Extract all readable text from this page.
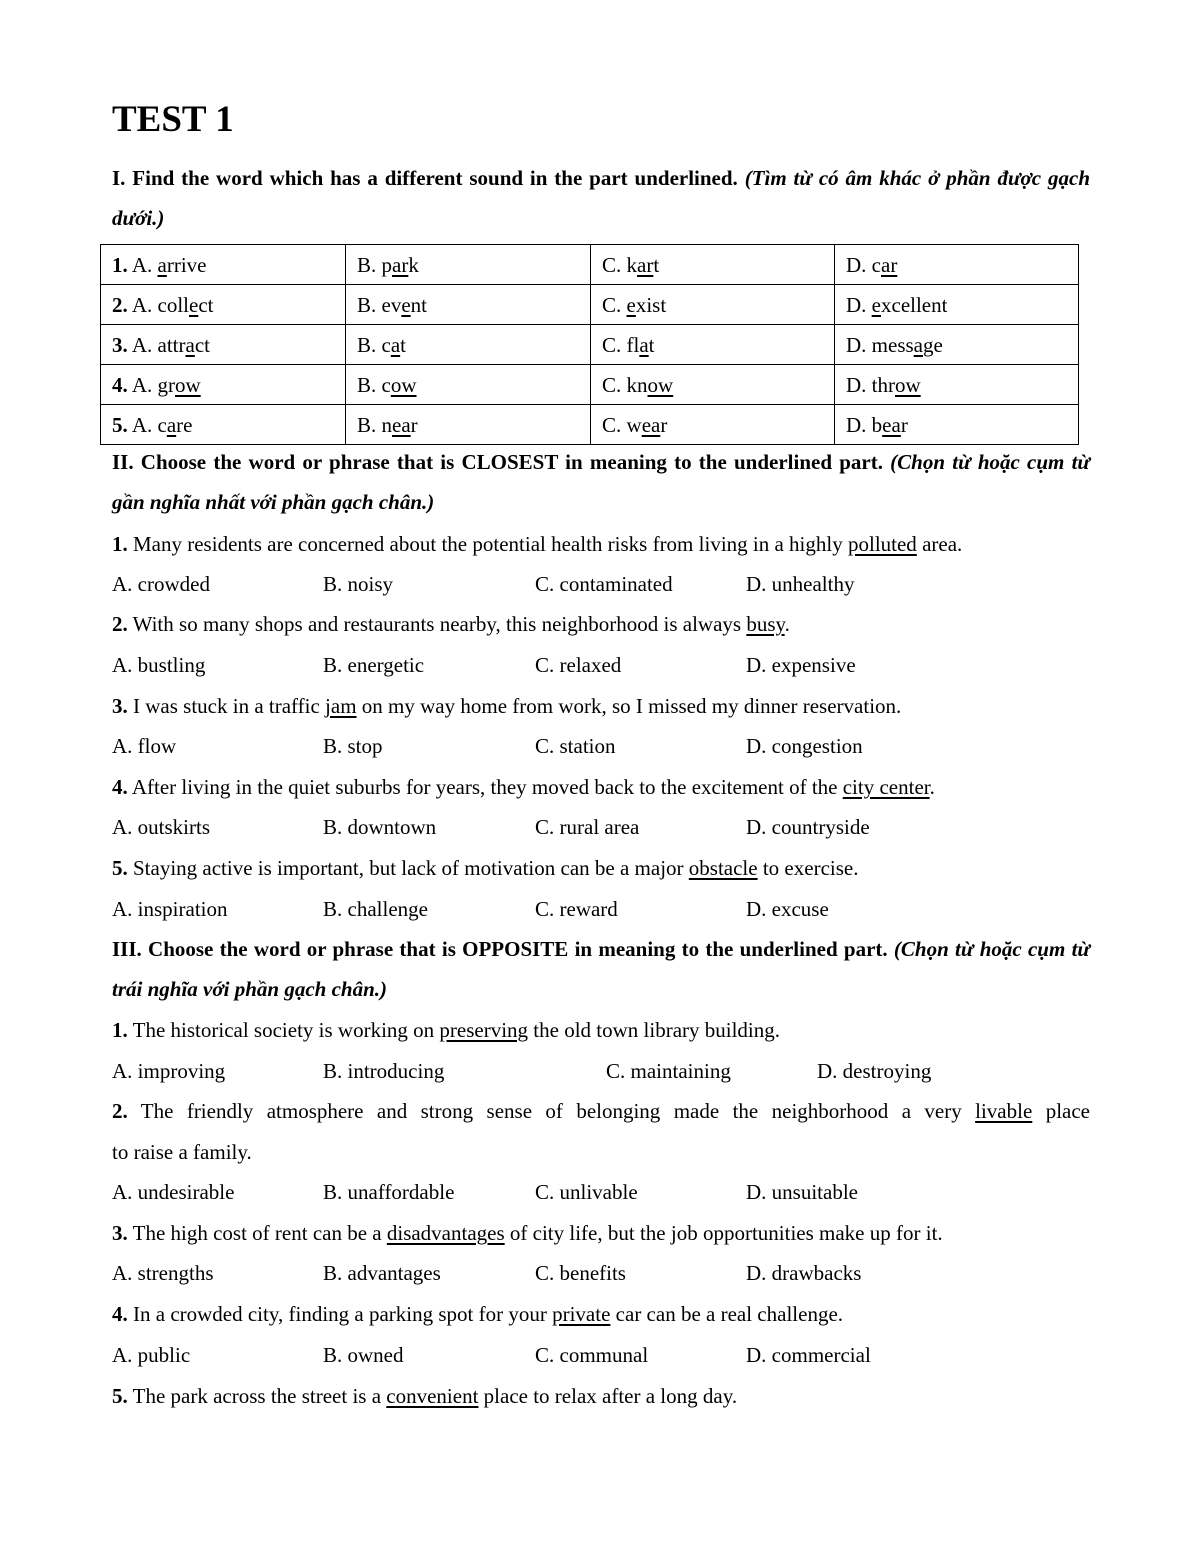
TEST 1
I. Find the word which has a different sound in the part underlined. (Tìm từ có âm khác ở phần được gạch dưới.)
1. A. arrive	B. park	C. kart	D. car
2. A. collect	B. event	C. exist	D. excellent
3. A. attract	B. cat	C. flat	D. message
4. A. grow	B. cow	C. know	D. throw
5. A. care	B. near	C. wear	D. bear
II. Choose the word or phrase that is CLOSEST in meaning to the underlined part. (Chọn từ hoặc cụm từ gần nghĩa nhất với phần gạch chân.)
1. Many residents are concerned about the potential health risks from living in a highly polluted area.
A. crowded	B. noisy	C. contaminated	D. unhealthy
2. With so many shops and restaurants nearby, this neighborhood is always busy.
A. bustling	B. energetic	C. relaxed	D. expensive
3. I was stuck in a traffic jam on my way home from work, so I missed my dinner reservation.
A. flow	B. stop	C. station	D. congestion
4. After living in the quiet suburbs for years, they moved back to the excitement of the city center.
A. outskirts	B. downtown	C. rural area	D. countryside
5. Staying active is important, but lack of motivation can be a major obstacle to exercise.
A. inspiration	B. challenge	C. reward	D. excuse
III. Choose the word or phrase that is OPPOSITE in meaning to the underlined part. (Chọn từ hoặc cụm từ trái nghĩa với phần gạch chân.)
1. The historical society is working on preserving the old town library building.
A. improving	B. introducing	C. maintaining	D. destroying
2. The friendly atmosphere and strong sense of belonging made the neighborhood a very livable place
to raise a family.
A. undesirable	B. unaffordable	C. unlivable	D. unsuitable
3. The high cost of rent can be a disadvantages of city life, but the job opportunities make up for it.
A. strengths	B. advantages	C. benefits	D. drawbacks
4. In a crowded city, finding a parking spot for your private car can be a real challenge.
A. public	B. owned	C. communal	D. commercial
5. The park across the street is a convenient place to relax after a long day.
